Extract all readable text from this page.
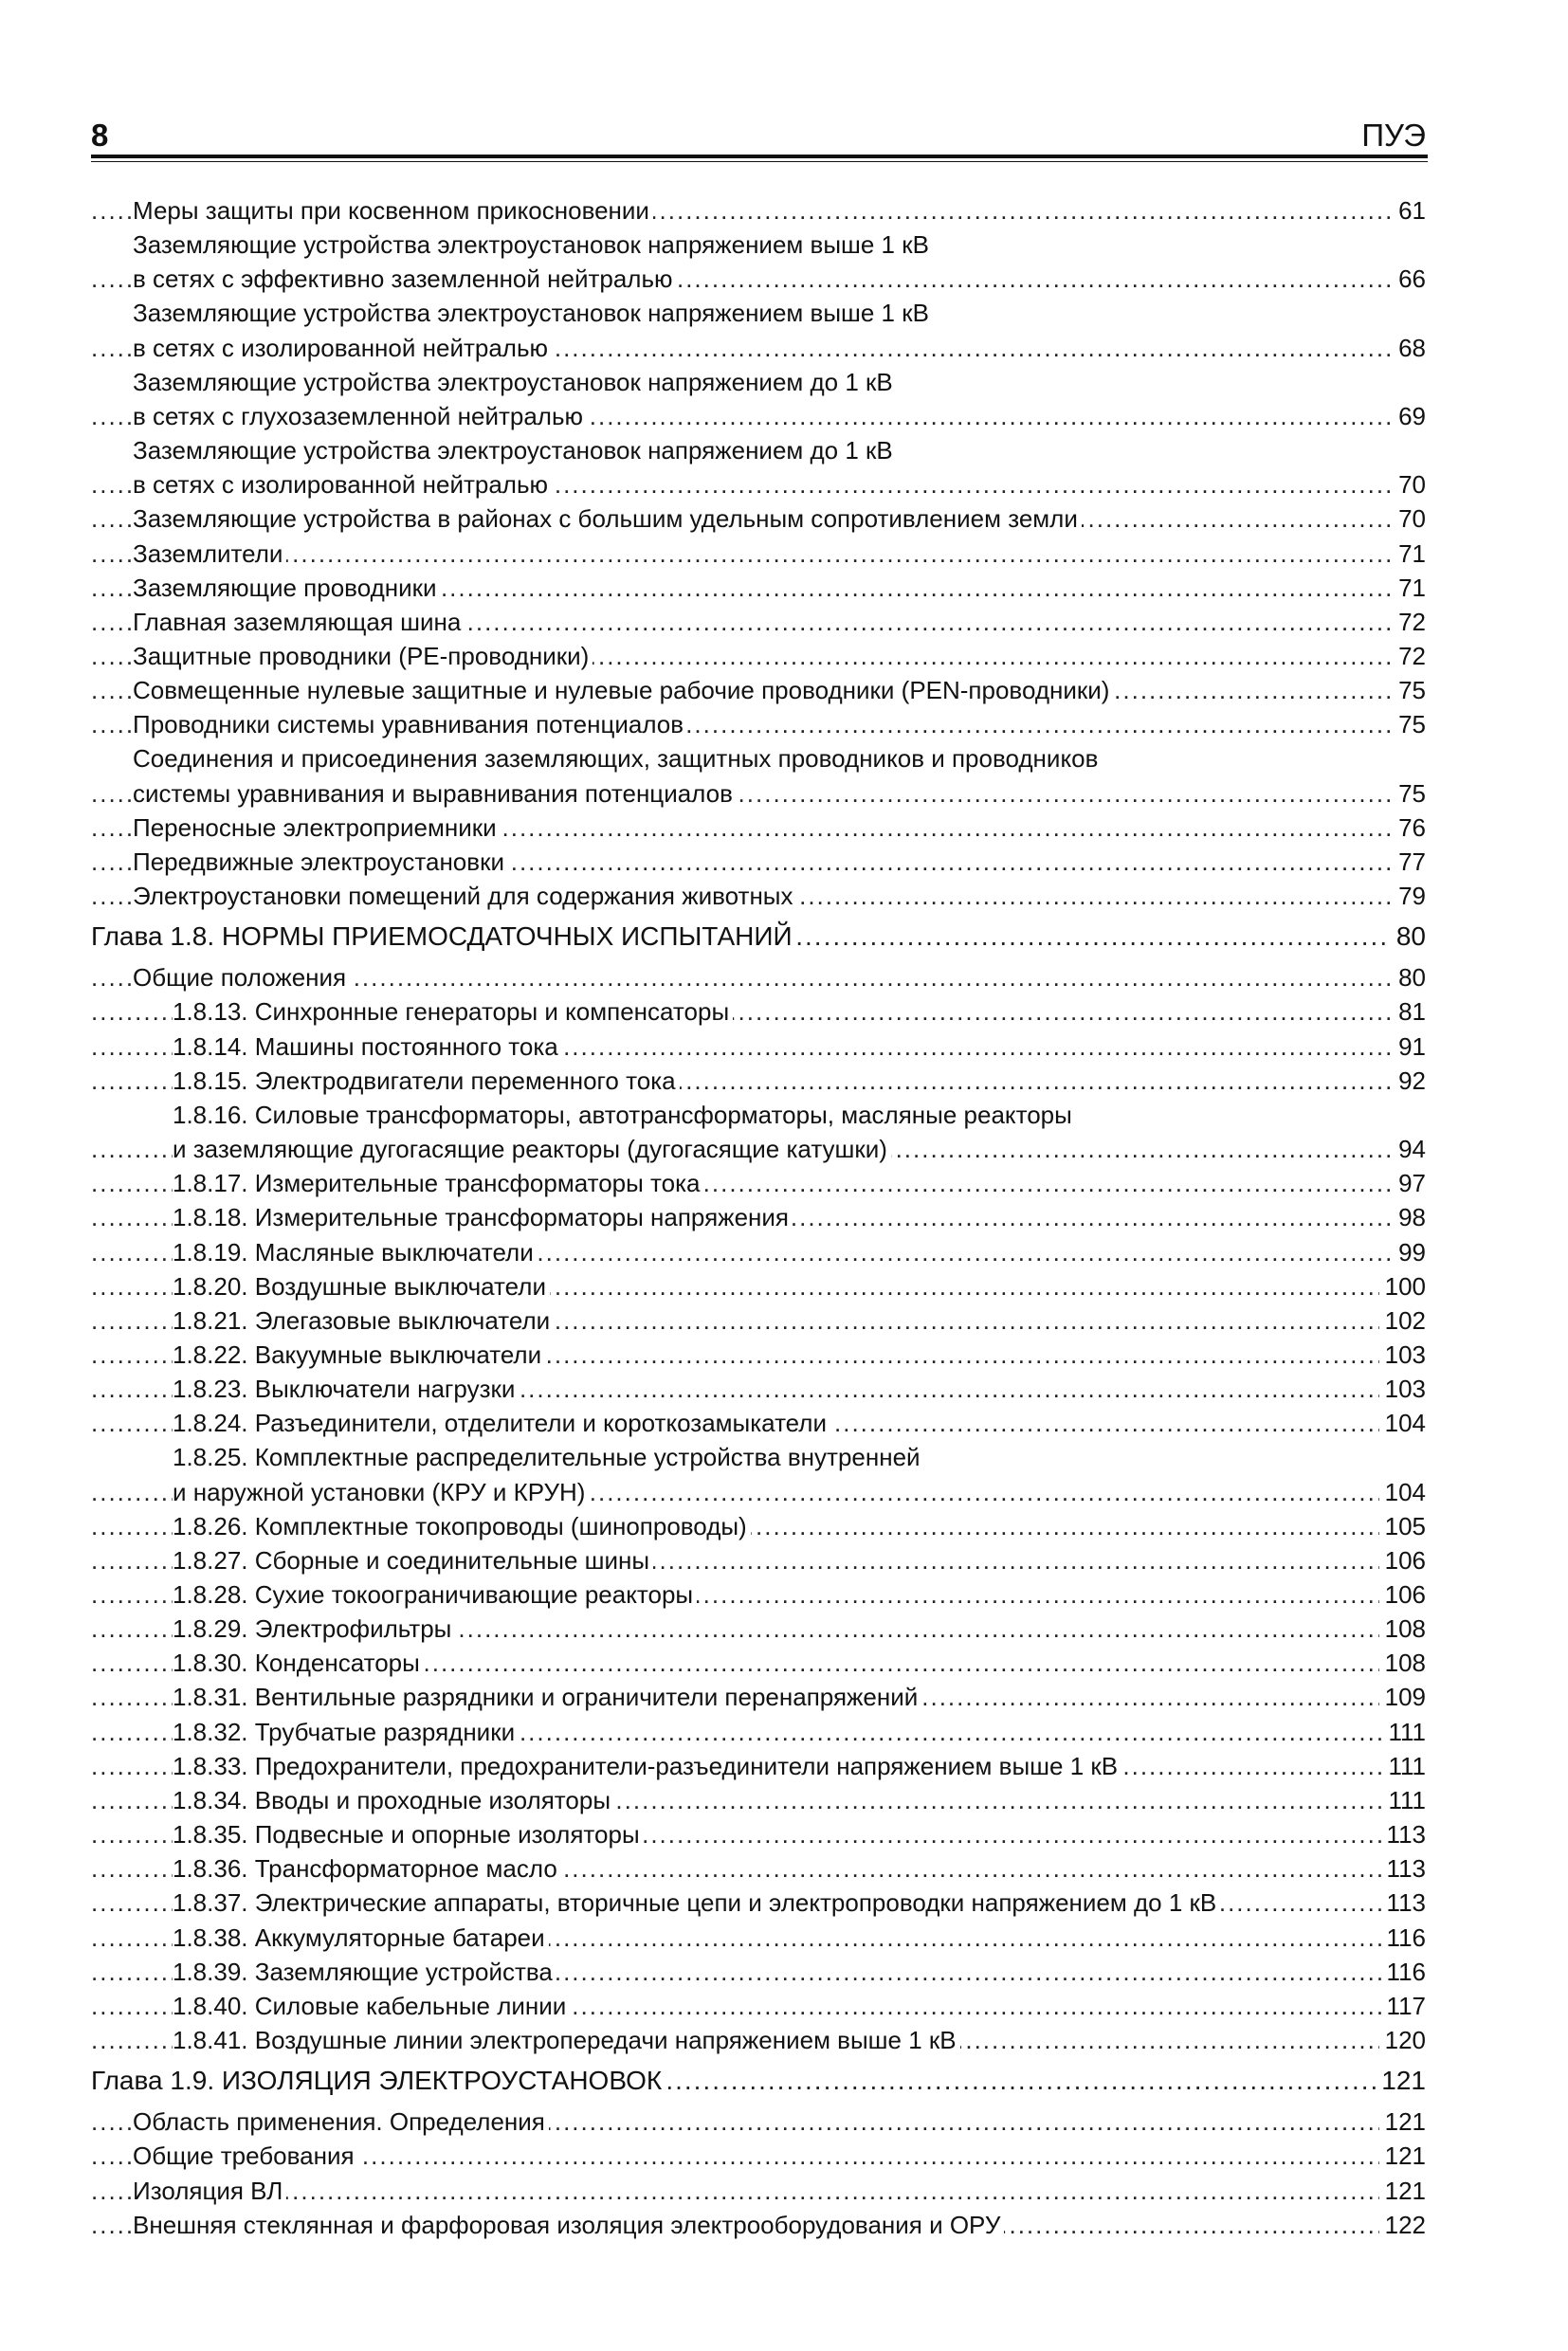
8	ПУЭ
.....
Меры защиты при косвенном прикосновении	61
Заземляющие устройства электроустановок напряжением выше 1 кВ
.....
в сетях с эффективно заземленной нейтралью	66
Заземляющие устройства электроустановок напряжением выше 1 кВ
.....
в сетях с изолированной нейтралью	68
Заземляющие устройства электроустановок напряжением до 1 кВ
.....
в сетях с глухозаземленной нейтралью	69
Заземляющие устройства электроустановок напряжением до 1 кВ
.....
в сетях с изолированной нейтралью	70
.....
Заземляющие устройства в районах с большим удельным сопротивлением земли	70
.....
Заземлители	71
.....
Заземляющие проводники	71
.....
Главная заземляющая шина	72
.....
Защитные проводники (PE-проводники)	72
.....
Совмещенные нулевые защитные и нулевые рабочие проводники (PEN-проводники)	75
.....
Проводники системы уравнивания потенциалов	75
Соединения и присоединения заземляющих, защитных проводников и проводников
.....
системы уравнивания и выравнивания потенциалов	75
.....
Переносные электроприемники	76
.....
Передвижные электроустановки	77
.....
Электроустановки помещений для содержания животных	79
.....
Глава 1.8. НОРМЫ ПРИЕМОСДАТОЧНЫХ ИСПЫТАНИЙ	80
.....
Общие положения	80
.....
1.8.13. Синхронные генераторы и компенсаторы	81
.....
1.8.14. Машины постоянного тока	91
.....
1.8.15. Электродвигатели переменного тока	92
1.8.16. Силовые трансформаторы, автотрансформаторы, масляные реакторы
.....
и заземляющие дугогасящие реакторы (дугогасящие катушки)	94
.....
1.8.17. Измерительные трансформаторы тока	97
.....
1.8.18. Измерительные трансформаторы напряжения	98
.....
1.8.19. Масляные выключатели	99
.....
1.8.20. Воздушные выключатели	100
.....
1.8.21. Элегазовые выключатели	102
.....
1.8.22. Вакуумные выключатели	103
.....
1.8.23. Выключатели нагрузки	103
.....
1.8.24. Разъединители, отделители и короткозамыкатели	104
1.8.25. Комплектные распределительные устройства внутренней
.....
и наружной установки (КРУ и КРУН)	104
.....
1.8.26. Комплектные токопроводы (шинопроводы)	105
.....
1.8.27. Сборные и соединительные шины	106
.....
1.8.28. Сухие токоограничивающие реакторы	106
.....
1.8.29. Электрофильтры	108
.....
1.8.30. Конденсаторы	108
.....
1.8.31. Вентильные разрядники и ограничители перенапряжений	109
.....
1.8.32. Трубчатые разрядники	111
.....
1.8.33. Предохранители, предохранители-разъединители напряжением выше 1 кВ	111
.....
1.8.34. Вводы и проходные изоляторы	111
.....
1.8.35. Подвесные и опорные изоляторы	113
.....
1.8.36. Трансформаторное масло	113
.....
1.8.37. Электрические аппараты, вторичные цепи и электропроводки напряжением до 1 кВ	113
.....
1.8.38. Аккумуляторные батареи	116
.....
1.8.39. Заземляющие устройства	116
.....
1.8.40. Силовые кабельные линии	117
.....
1.8.41. Воздушные линии электропередачи напряжением выше 1 кВ	120
.....
Глава 1.9. ИЗОЛЯЦИЯ ЭЛЕКТРОУСТАНОВОК	121
.....
Область применения. Определения	121
.....
Общие требования	121
.....
Изоляция ВЛ	121
.....
Внешняя стеклянная и фарфоровая изоляция электрооборудования и ОРУ	122
